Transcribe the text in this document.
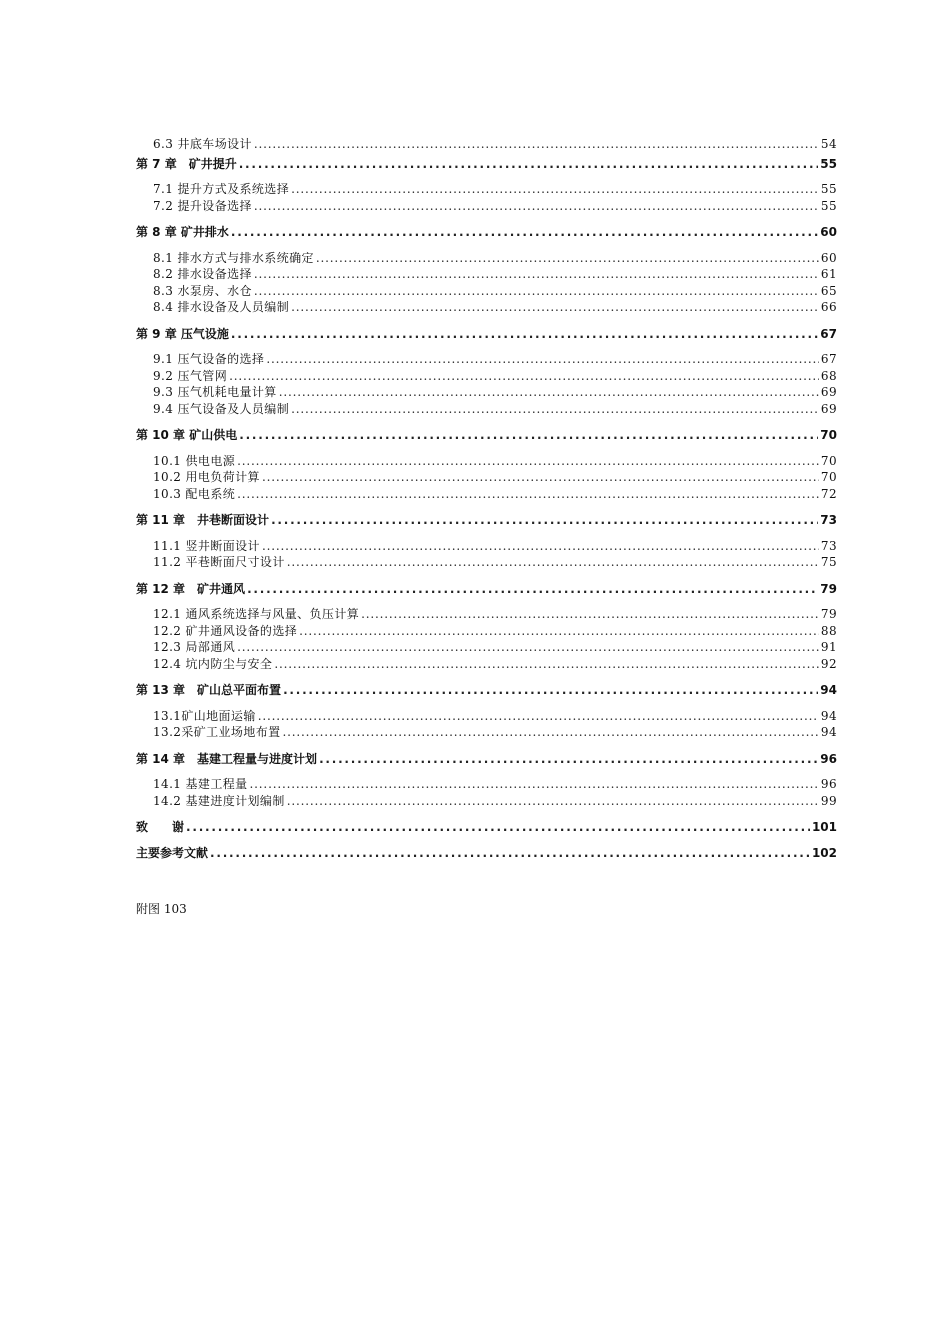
6.3 井底车场设计 . . .	54
第 7 章　矿井提升 . . .	55
7.1 提升方式及系统选择 . . .	55
7.2 提升设备选择 . . .	55
第 8 章 矿井排水 . . .	60
8.1 排水方式与排水系统确定 . . .	60
8.2 排水设备选择 . . .	61
8.3 水泵房、水仓 . . .	65
8.4 排水设备及人员编制 . . .	66
第 9 章 压气设施 . . .	67
9.1 压气设备的选择 . . .	67
9.2 压气管网 . . .	68
9.3 压气机耗电量计算 . . .	69
9.4 压气设备及人员编制 . . .	69
第 10 章 矿山供电 . . .	70
10.1 供电电源 . . .	70
10.2 用电负荷计算 . . .	70
10.3 配电系统 . . .	72
第 11 章　井巷断面设计 . . .	73
11.1 竖井断面设计 . . .	73
11.2 平巷断面尺寸设计 . . .	75
第 12 章　矿井通风 . . .	79
12.1 通风系统选择与风量、负压计算 . . .	79
12.2 矿井通风设备的选择 . . .	88
12.3 局部通风 . . .	91
12.4 坑内防尘与安全 . . .	92
第 13 章　矿山总平面布置 . . .	94
13.1矿山地面运输 . . .	94
13.2采矿工业场地布置 . . .	94
第 14 章　基建工程量与进度计划 . . .	96
14.1 基建工程量 . . .	96
14.2 基建进度计划编制 . . .	99
致　　谢 . . .	101
主要参考文献 . . .	102
附图 103
